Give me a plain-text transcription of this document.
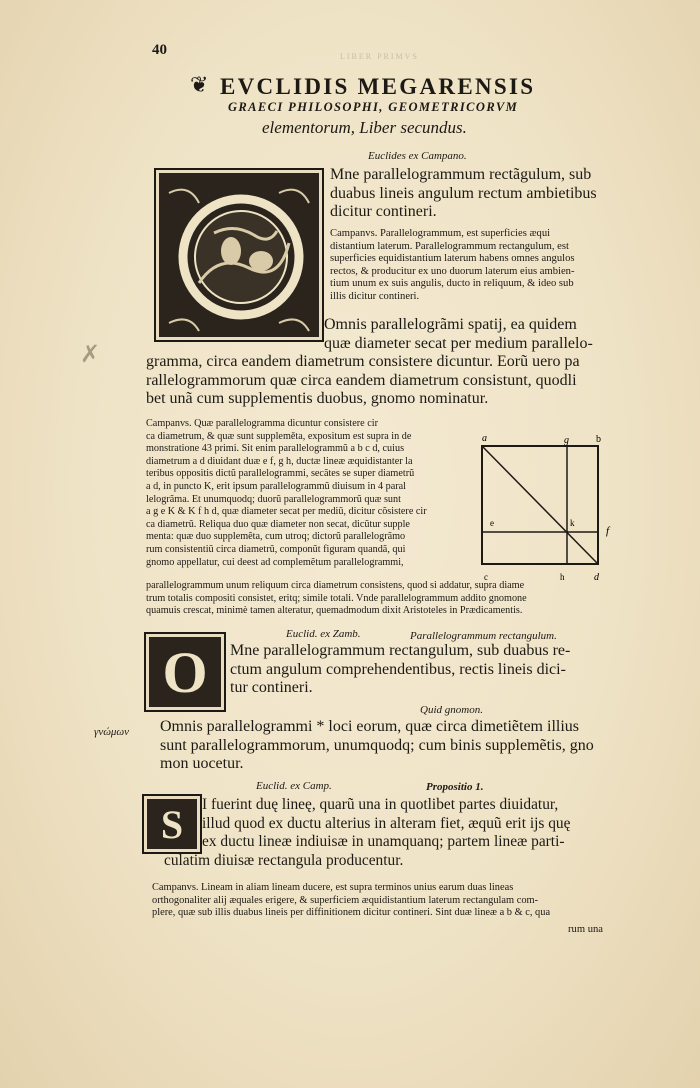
LIBER PRIMVS
40
❦ EVCLIDIS MEGARENSIS
GRAECI PHILOSOPHI, GEOMETRICORVM
elementorum, Liber secundus.
Euclides ex Campano.
Mne parallelogrammum rectãgulum, sub
duabus lineis angulum rectum ambietibus
dicitur contineri.
Campanvs. Parallelogrammum, est superficies æqui
distantium laterum. Parallelogrammum rectangulum, est
superficies equidistantium laterum habens omnes angulos
rectos, & producitur ex uno duorum laterum eius ambien-
tium unum ex suis angulis, ducto in reliquum, & ideo sub
illis dicitur contineri.
Omnis parallelogrãmi spatij, ea quidem
quæ diameter secat per medium parallelo-
gramma, circa eandem diametrum consistere dicuntur. Eorũ uero pa
rallelogrammorum quæ circa eandem diametrum consistunt, quodli
bet unã cum supplementis duobus, gnomo nominatur.
✗
Campanvs. Quæ parallelogramma dicuntur consistere cir
ca diametrum, & quæ sunt suppleměta, expositum est supra in de
monstratione 43 primi. Sit enim parallelogrammũ a b c d, cuius
diametrum a d diuidant duæ e f, g h, ductæ lineæ æquidistanter la
teribus oppositis dictũ parallelogrammi, secãtes se super diametrũ
a d, in puncto K, erit ipsum parallelogrammũ diuisum in 4 paral
lelogrãma. Et unumquodq; duorũ parallelogrammorũ quæ sunt
a g e K & K f h d, quæ diameter secat per mediũ, dicitur cõsistere cir
ca diametrũ. Reliqua duo quæ diameter non secat, dicũtur supple
menta: quæ duo supplemẽta, cum utroq; dictorũ parallelogrãmo
rum consistentiũ circa diametrũ, componũt figuram quandã, qui
gnomo appellatur, cui deest ad complemẽtum parallelogrammi,
parallelogrammum unum reliquum circa diametrum consistens, quod si addatur, supra diame
trum totalis compositi consistet, eritq; simile totali. Vnde parallelogrammum addito gnomone
quamuis crescat, minimè tamen alteratur, quemadmodum dixit Aristoteles in Prædicamentis.
a	g	b
e	k
f
c	h	d
Euclid. ex Zamb.	Parallelogrammum rectangulum.
O Mne parallelogrammum rectangulum, sub duabus re-
ctum angulum comprehendentibus, rectis lineis dici-
tur contineri.
Quid gnomon.
γνώμων	Omnis parallelogrammi * loci eorum, quæ circa dimetiẽtem illius
sunt parallelogrammorum, unumquodq; cum binis supplemẽtis, gno
mon uocetur.
Euclid. ex Camp.	Propositio 1.
S I fuerint duę lineę, quarũ una in quotlibet partes diuidatur,
illud quod ex ductu alterius in alteram fiet, æquũ erit ijs quę
ex ductu lineæ indiuisæ in unamquanq; partem lineæ parti-
culatim diuisæ rectangula producentur.
Campanvs. Lineam in aliam lineam ducere, est supra terminos unius earum duas lineas
orthogonaliter alij æquales erigere, & superficiem æquidistantium laterum rectangulam com-
plere, quæ sub illis duabus lineis per diffinitionem dicitur contineri. Sint duæ lineæ a b & c, qua
rum una
